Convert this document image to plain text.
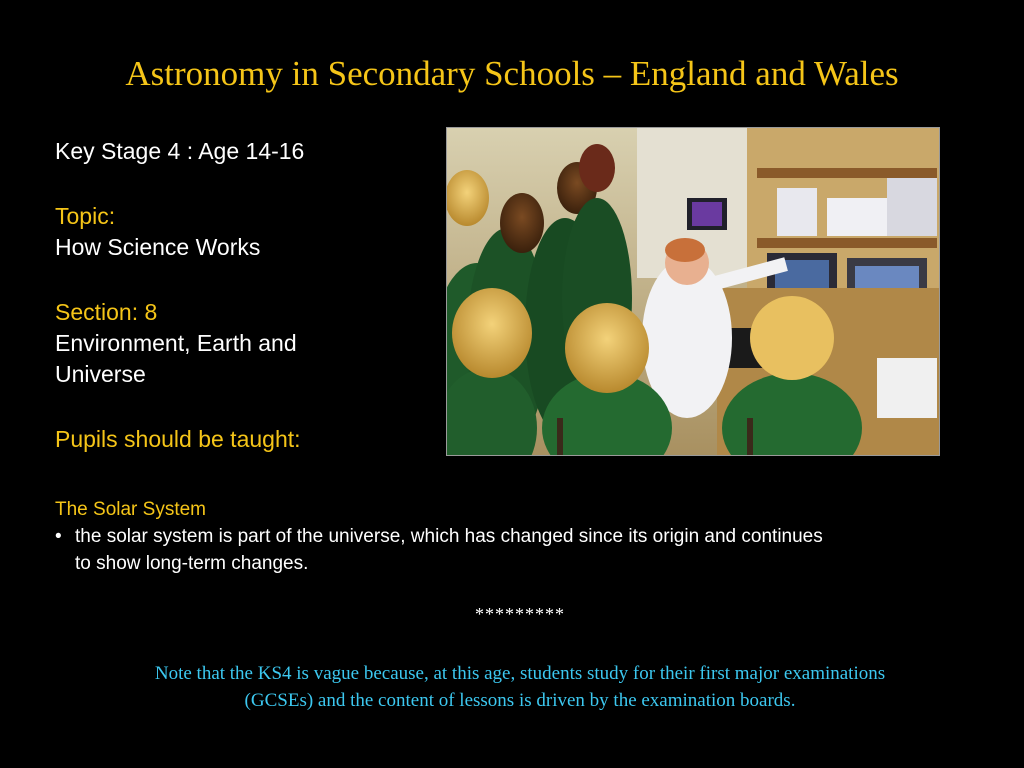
Astronomy in Secondary Schools – England and Wales
Key Stage 4 : Age 14-16
Topic:
How Science Works
Section: 8
Environment, Earth and
Universe
Pupils should be taught:
The Solar System
• the solar system is part of the universe, which has changed since its origin and continues
to show long-term changes.
*********
Note that the KS4 is vague because, at this age, students study for their first major examinations
(GCSEs) and the content of lessons is driven by the examination boards.
